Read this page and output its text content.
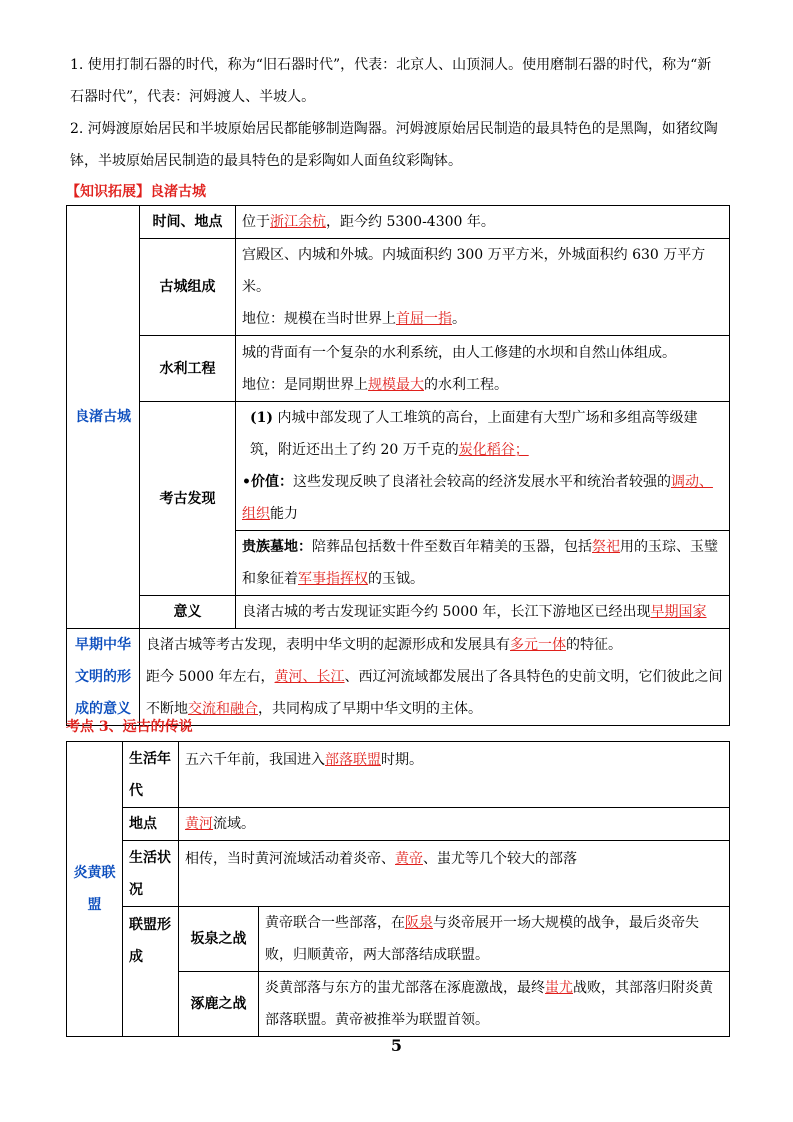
1. 使用打制石器的时代，称为“旧石器时代”，代表：北京人、山顶洞人。使用磨制石器的时代，称为“新石器时代”，代表：河姆渡人、半坡人。
2. 河姆渡原始居民和半坡原始居民都能够制造陶器。河姆渡原始居民制造的最具特色的是黑陶，如猪纹陶钵，半坡原始居民制造的最具特色的是彩陶如人面鱼纹彩陶钵。
【知识拓展】良渚古城
良渚古城	时间、地点	位于浙江余杭，距今约 5300-4300 年。
	古城组成	宫殿区、内城和外城。内城面积约 300 万平方米，外城面积约 630 万平方米。
地位：规模在当时世界上首屈一指。

	水利工程	城的背面有一个复杂的水利系统，由人工修建的水坝和自然山体组成。
地位：是同期世界上规模最大的水利工程。

	考古发现	(1) 内城中部发现了人工堆筑的高台，上面建有大型广场和多组高等级建筑，附近还出土了约 20 万千克的炭化稻谷；
•价值：这些发现反映了良渚社会较高的经济发展水平和统治者较强的调动、组织能力
贵族墓地：陪葬品包括数十件至数百年精美的玉器，包括祭祀用的玉琮、玉璧和象征着军事指挥权的玉钺。

	意义	良渚古城的考古发现证实距今约 5000 年，长江下游地区已经出现早期国家
早期中华文明的形成的意义	良渚古城等考古发现，表明中华文明的起源形成和发展具有多元一体的特征。
距今 5000 年左右，黄河、长江、西辽河流域都发展出了各具特色的史前文明，它们彼此之间不断地交流和融合，共同构成了早期中华文明的主体。	
考点 3、远古的传说
炎黄联盟	生活年代	五六千年前，我国进入部落联盟时期。	
	地点	黄河流域。	
	生活状况	相传，当时黄河流域活动着炎帝、黄帝、蚩尤等几个较大的部落	
	联盟形成	坂泉之战	黄帝联合一些部落，在阪泉与炎帝展开一场大规模的战争，最后炎帝失败，归顺黄帝，两大部落结成联盟。
		涿鹿之战	炎黄部落与东方的蚩尤部落在涿鹿激战，最终蚩尤战败，其部落归附炎黄部落联盟。黄帝被推举为联盟首领。
5
